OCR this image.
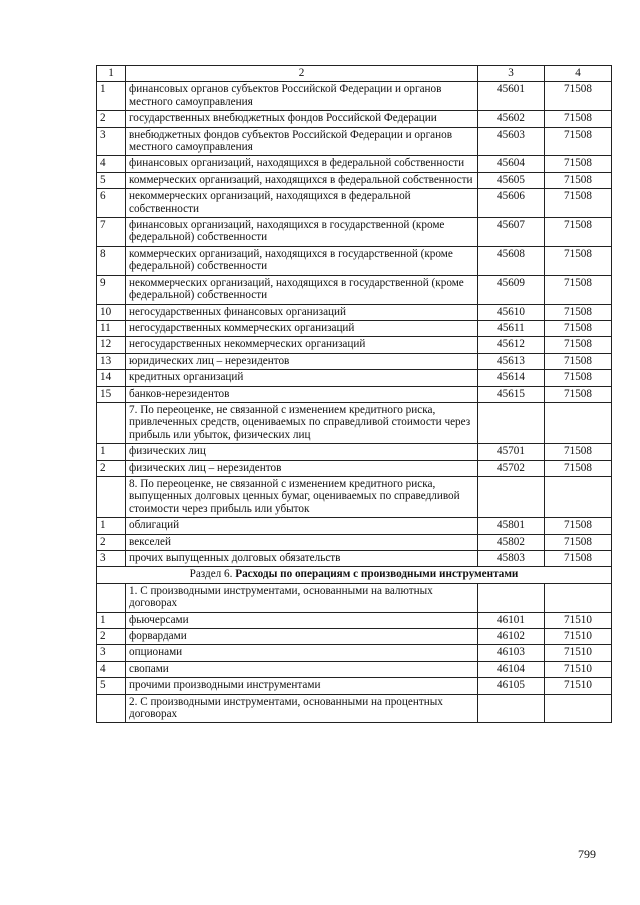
1	2	3	4
1	финансовых органов субъектов Российской Федерации и органов местного самоуправления	45601	71508
2	государственных внебюджетных фондов Российской Федерации	45602	71508
3	внебюджетных фондов субъектов Российской Федерации и органов местного самоуправления	45603	71508
4	финансовых организаций, находящихся в федеральной собственности	45604	71508
5	коммерческих организаций, находящихся в федеральной собственности	45605	71508
6	некоммерческих организаций, находящихся в федеральной собственности	45606	71508
7	финансовых организаций, находящихся в государственной (кроме федеральной) собственности	45607	71508
8	коммерческих организаций, находящихся в государственной (кроме федеральной) собственности	45608	71508
9	некоммерческих организаций, находящихся в государственной (кроме федеральной) собственности	45609	71508
10	негосударственных финансовых организаций	45610	71508
11	негосударственных коммерческих организаций	45611	71508
12	негосударственных некоммерческих организаций	45612	71508
13	юридических лиц – нерезидентов	45613	71508
14	кредитных организаций	45614	71508
15	банков-нерезидентов	45615	71508
	7. По переоценке, не связанной с изменением кредитного риска, привлеченных средств, оцениваемых по справедливой стоимости через прибыль или убыток, физических лиц		
1	физических лиц	45701	71508
2	физических лиц – нерезидентов	45702	71508
	8. По переоценке, не связанной с изменением кредитного риска, выпущенных долговых ценных бумаг, оцениваемых по справедливой стоимости через прибыль или убыток		
1	облигаций	45801	71508
2	векселей	45802	71508
3	прочих выпущенных долговых обязательств	45803	71508
Раздел 6. Расходы по операциям с производными инструментами			
	1. С производными инструментами, основанными на валютных договорах		
1	фьючерсами	46101	71510
2	форвардами	46102	71510
3	опционами	46103	71510
4	свопами	46104	71510
5	прочими производными инструментами	46105	71510
	2. С производными инструментами, основанными на процентных договорах		
799
